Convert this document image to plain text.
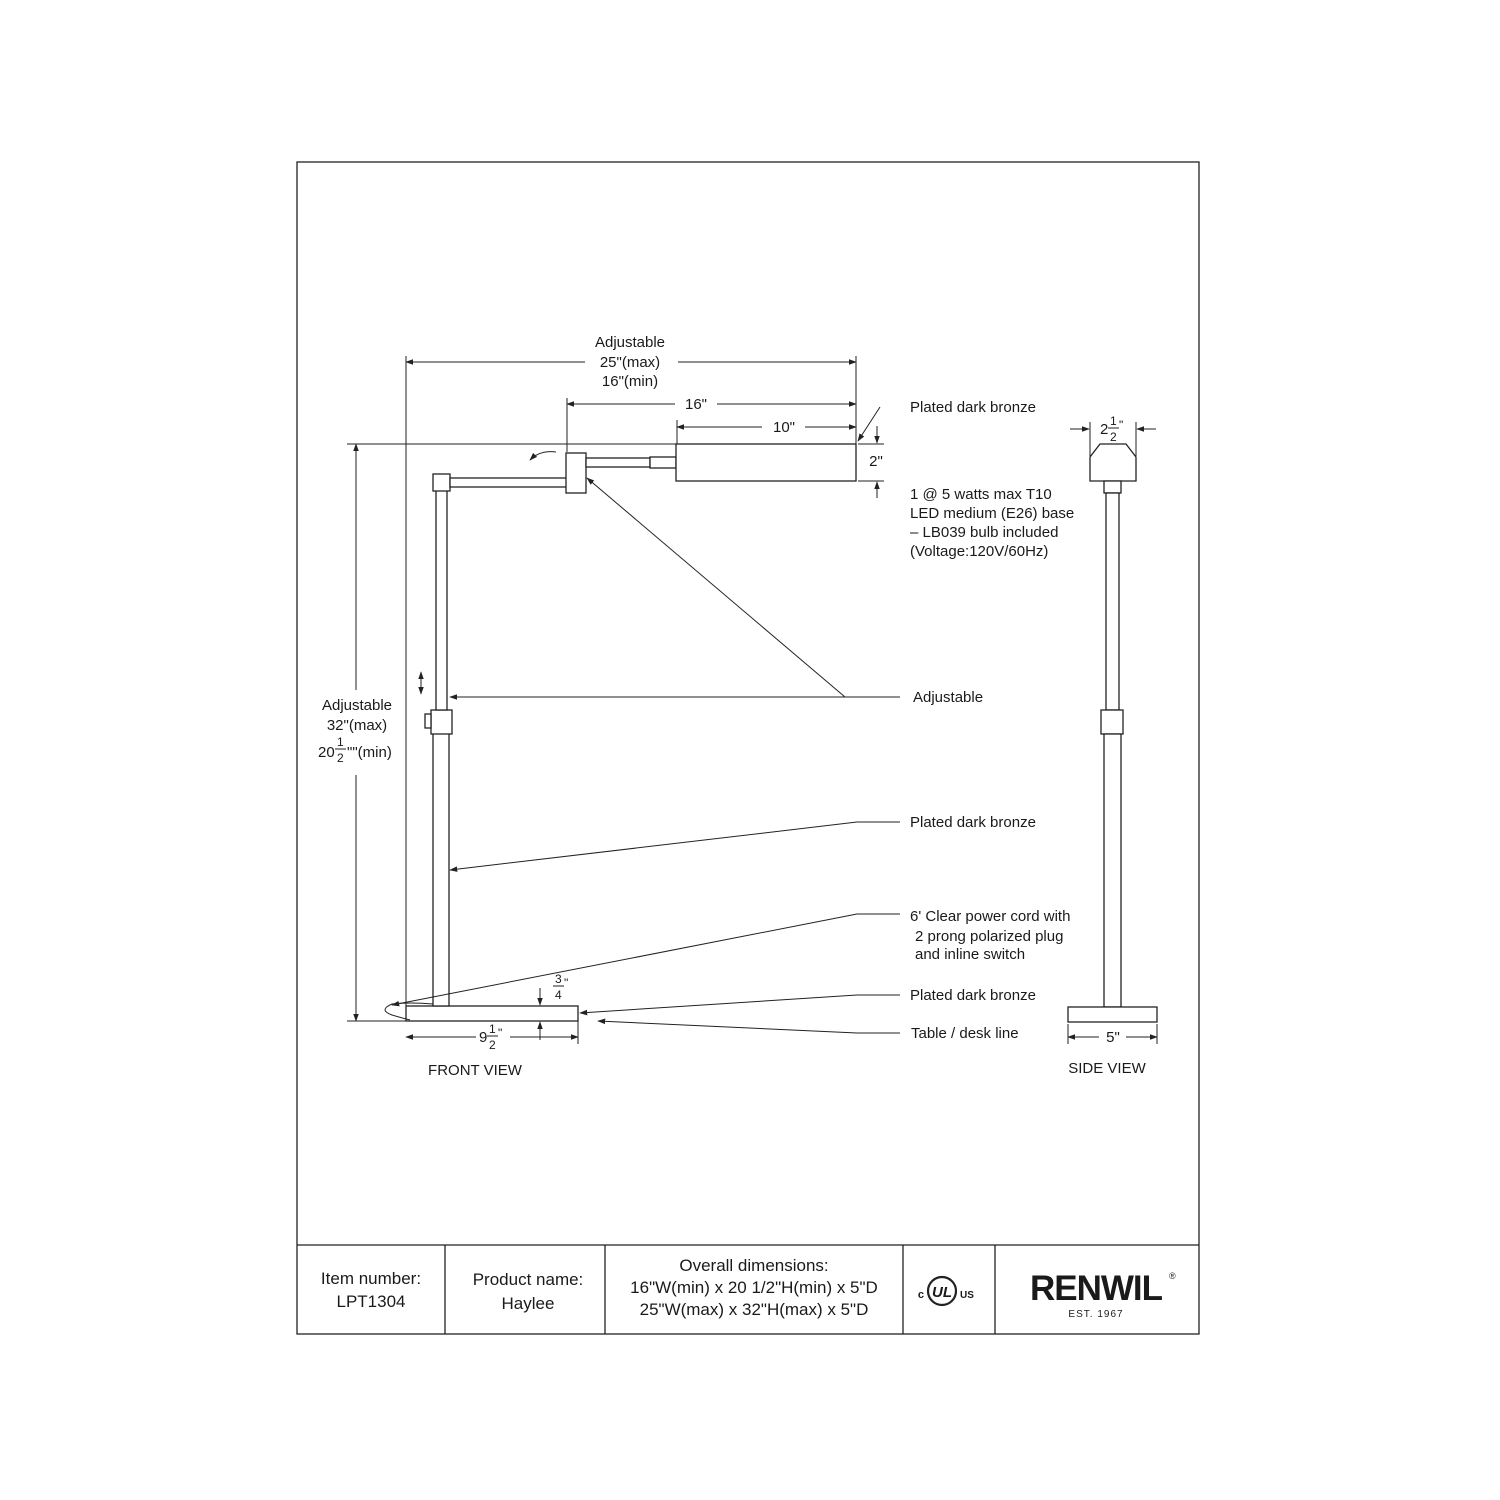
Adjustable
25"(max)
16"(min)
16"
10"
2"
Adjustable
32"(max)
20
1
2 ""(min)
3
4
"
9 1
2
"
FRONT VIEW
Plated dark bronze
1 @ 5 watts max T10
LED medium (E26) base
– LB039 bulb included
(Voltage:120V/60Hz)
Adjustable
Plated dark bronze
6' Clear power cord with
2 prong polarized plug
and inline switch
Plated dark bronze
Table / desk line
2 1
2
"
5"
SIDE VIEW
Item number:
LPT1304
Product name:
Haylee
Overall dimensions:
16"W(min) x 20 1/2"H(min) x 5"D
25"W(max) x 32"H(max) x 5"D
UL
c	US RENWIL ®
EST. 1967
